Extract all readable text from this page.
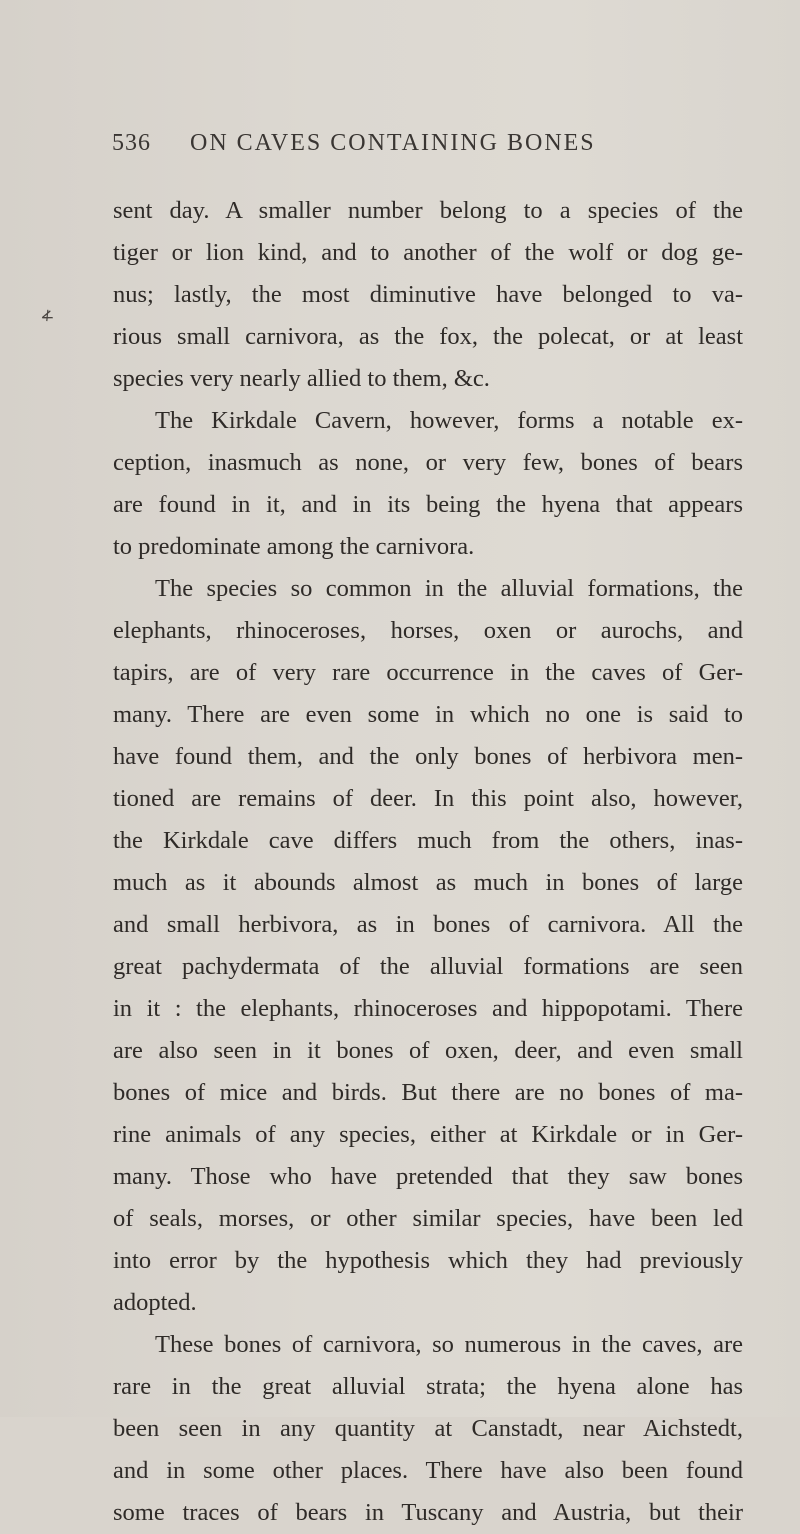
536 ON CAVES CONTAINING BONES
≮
sent day. A smaller number belong to a species of the
tiger or lion kind, and to another of the wolf or dog ge-
nus; lastly, the most diminutive have belonged to va-
rious small carnivora, as the fox, the polecat, or at least
species very nearly allied to them, &c.
The Kirkdale Cavern, however, forms a notable ex-
ception, inasmuch as none, or very few, bones of bears
are found in it, and in its being the hyena that appears
to predominate among the carnivora.
The species so common in the alluvial formations, the
elephants, rhinoceroses, horses, oxen or aurochs, and
tapirs, are of very rare occurrence in the caves of Ger-
many. There are even some in which no one is said to
have found them, and the only bones of herbivora men-
tioned are remains of deer. In this point also, however,
the Kirkdale cave differs much from the others, inas-
much as it abounds almost as much in bones of large
and small herbivora, as in bones of carnivora. All the
great pachydermata of the alluvial formations are seen
in it : the elephants, rhinoceroses and hippopotami. There
are also seen in it bones of oxen, deer, and even small
bones of mice and birds. But there are no bones of ma-
rine animals of any species, either at Kirkdale or in Ger-
many. Those who have pretended that they saw bones
of seals, morses, or other similar species, have been led
into error by the hypothesis which they had previously
adopted.
These bones of carnivora, so numerous in the caves, are
rare in the great alluvial strata; the hyena alone has
been seen in any quantity at Canstadt, near Aichstedt,
and in some other places. There have also been found
some traces of bears in Tuscany and Austria, but their
